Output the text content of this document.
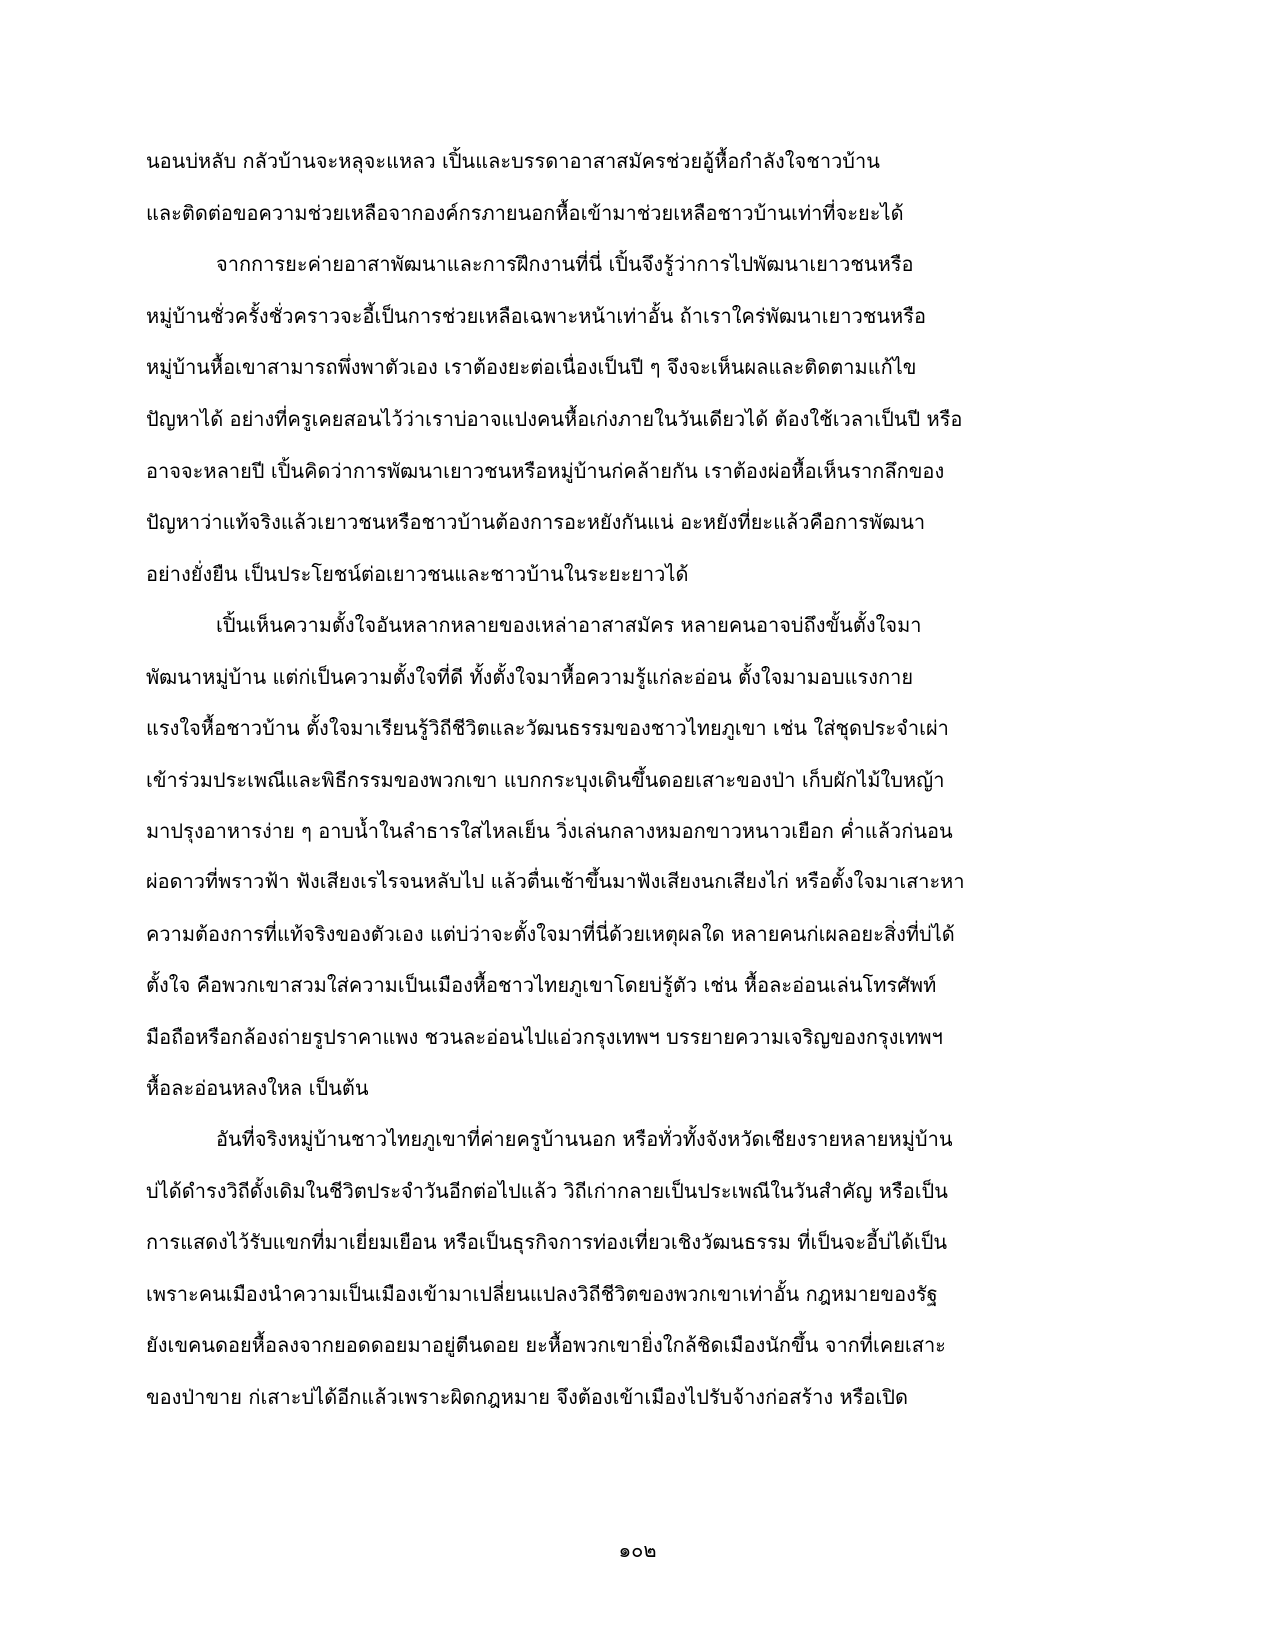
นอนบ่หลับ กลัวบ้านจะหลุจะแหลว เปิ้นและบรรดาอาสาสมัครช่วยอู้หื้อกำลังใจชาวบ้าน
และติดต่อขอความช่วยเหลือจากองค์กรภายนอกหื้อเข้ามาช่วยเหลือชาวบ้านเท่าที่จะยะได้
จากการยะค่ายอาสาพัฒนาและการฝึกงานที่นี่ เปิ้นจึงรู้ว่าการไปพัฒนาเยาวชนหรือ
หมู่บ้านชั่วครั้งชั่วคราวจะอี้เป็นการช่วยเหลือเฉพาะหน้าเท่าอั้น ถ้าเราใคร่พัฒนาเยาวชนหรือ
หมู่บ้านหื้อเขาสามารถพึ่งพาตัวเอง เราต้องยะต่อเนื่องเป็นปี ๆ จึงจะเห็นผลและติดตามแก้ไข
ปัญหาได้ อย่างที่ครูเคยสอนไว้ว่าเราบ่อาจแปงคนหื้อเก่งภายในวันเดียวได้ ต้องใช้เวลาเป็นปี หรือ
อาจจะหลายปี เปิ้นคิดว่าการพัฒนาเยาวชนหรือหมู่บ้านก่คล้ายกัน เราต้องผ่อหื้อเห็นรากลึกของ
ปัญหาว่าแท้จริงแล้วเยาวชนหรือชาวบ้านต้องการอะหยังกันแน่ อะหยังที่ยะแล้วคือการพัฒนา
อย่างยั่งยืน เป็นประโยชน์ต่อเยาวชนและชาวบ้านในระยะยาวได้
เปิ้นเห็นความตั้งใจอันหลากหลายของเหล่าอาสาสมัคร หลายคนอาจบ่ถึงขั้นตั้งใจมา
พัฒนาหมู่บ้าน แต่ก่เป็นความตั้งใจที่ดี ทั้งตั้งใจมาหื้อความรู้แก่ละอ่อน ตั้งใจมามอบแรงกาย
แรงใจหื้อชาวบ้าน ตั้งใจมาเรียนรู้วิถีชีวิตและวัฒนธรรมของชาวไทยภูเขา เช่น ใส่ชุดประจำเผ่า
เข้าร่วมประเพณีและพิธีกรรมของพวกเขา แบกกระบุงเดินขึ้นดอยเสาะของป่า เก็บผักไม้ใบหญ้า
มาปรุงอาหารง่าย ๆ อาบน้ำในลำธารใสไหลเย็น วิ่งเล่นกลางหมอกขาวหนาวเยือก ค่ำแล้วก่นอน
ผ่อดาวที่พราวฟ้า ฟังเสียงเรไรจนหลับไป แล้วตื่นเช้าขึ้นมาฟังเสียงนกเสียงไก่ หรือตั้งใจมาเสาะหา
ความต้องการที่แท้จริงของตัวเอง แต่บ่ว่าจะตั้งใจมาที่นี่ด้วยเหตุผลใด หลายคนก่เผลอยะสิ่งที่บ่ได้
ตั้งใจ คือพวกเขาสวมใส่ความเป็นเมืองหื้อชาวไทยภูเขาโดยบ่รู้ตัว เช่น หื้อละอ่อนเล่นโทรศัพท์
มือถือหรือกล้องถ่ายรูปราคาแพง ชวนละอ่อนไปแอ่วกรุงเทพฯ บรรยายความเจริญของกรุงเทพฯ
หื้อละอ่อนหลงใหล เป็นต้น
อันที่จริงหมู่บ้านชาวไทยภูเขาที่ค่ายครูบ้านนอก หรือทั่วทั้งจังหวัดเชียงรายหลายหมู่บ้าน
บ่ได้ดำรงวิถีดั้งเดิมในชีวิตประจำวันอีกต่อไปแล้ว วิถีเก่ากลายเป็นประเพณีในวันสำคัญ หรือเป็น
การแสดงไว้รับแขกที่มาเยี่ยมเยือน หรือเป็นธุรกิจการท่องเที่ยวเชิงวัฒนธรรม ที่เป็นจะอี้บ่ได้เป็น
เพราะคนเมืองนำความเป็นเมืองเข้ามาเปลี่ยนแปลงวิถีชีวิตของพวกเขาเท่าอั้น กฎหมายของรัฐ
ยังเขคนดอยหื้อลงจากยอดดอยมาอยู่ตีนดอย ยะหื้อพวกเขายิ่งใกล้ชิดเมืองนักขึ้น จากที่เคยเสาะ
ของป่าขาย ก่เสาะบ่ได้อีกแล้วเพราะผิดกฎหมาย จึงต้องเข้าเมืองไปรับจ้างก่อสร้าง หรือเปิด
๑๐๒
